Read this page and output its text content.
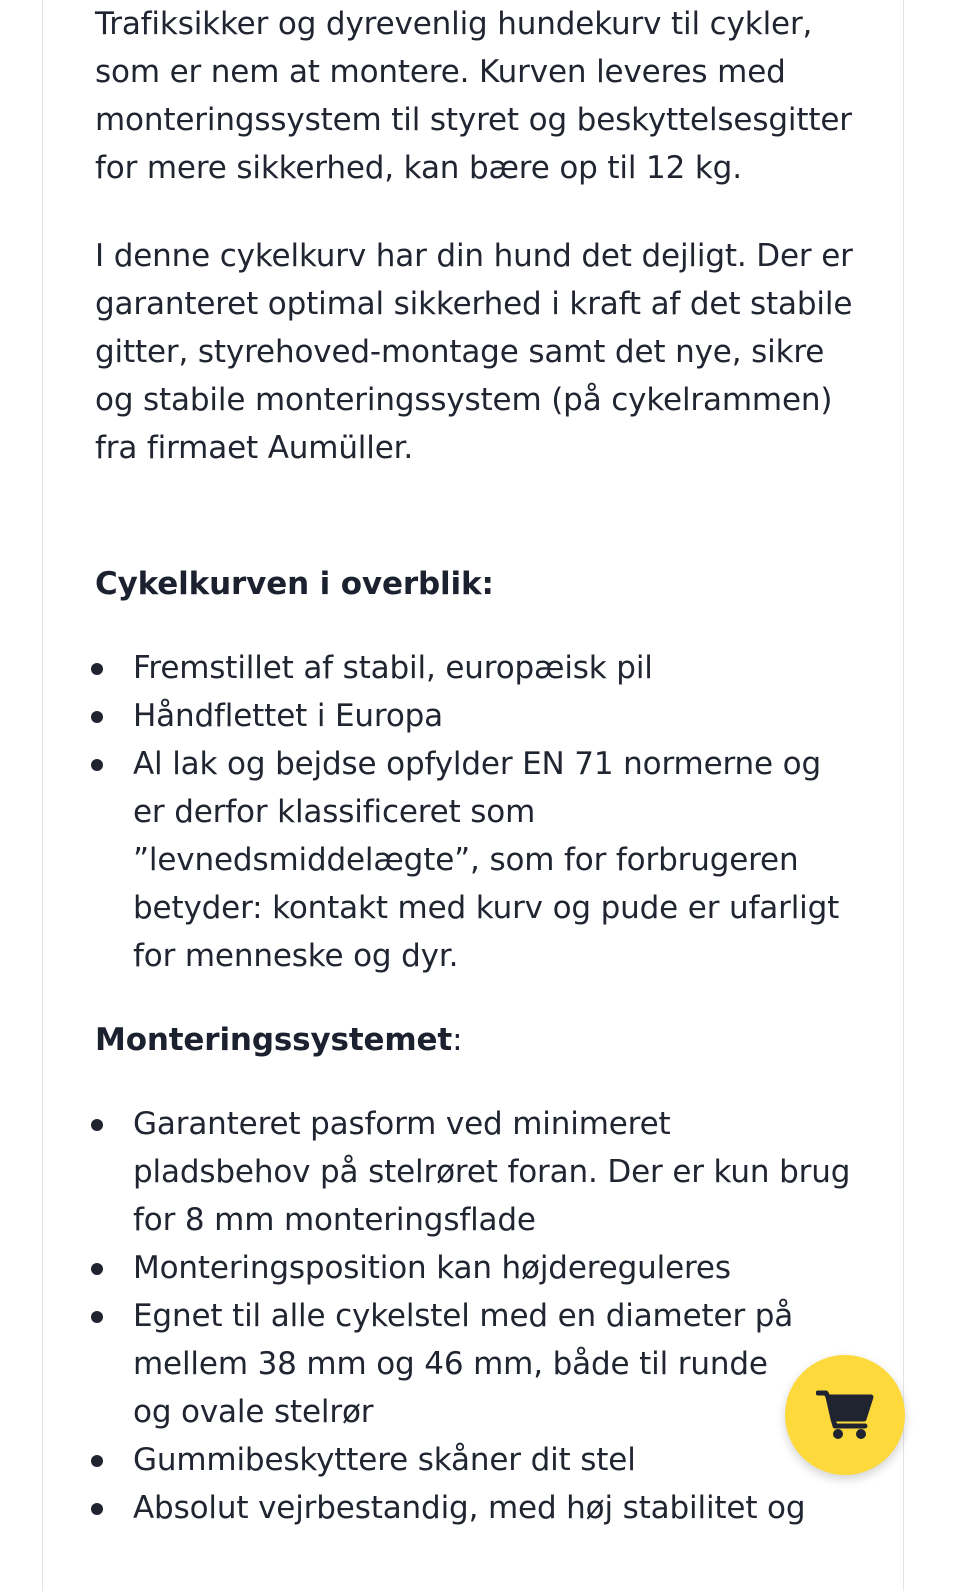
Trafiksikker og dyrevenlig hundekurv til cykler, som er nem at montere. Kurven leveres med monteringssystem til styret og beskyttelsesgitter for mere sikkerhed, kan bære op til 12 kg.

I denne cykelkurv har din hund det dejligt. Der er garanteret optimal sikkerhed i kraft af det stabile gitter, styrehoved-montage samt det nye, sikre og stabile monteringssystem (på cykelrammen) fra firmaet Aumüller.

Cykelkurven i overblik:
Fremstillet af stabil, europæisk pil
Håndflettet i Europa
Al lak og bejdse opfylder EN 71 normerne og er derfor klassificeret som ”levnedsmiddelægte”, som for forbrugeren betyder: kontakt med kurv og pude er ufarligt for menneske og dyr.
Monteringssystemet:
Garanteret pasform ved minimeret pladsbehov på stelrøret foran. Der er kun brug for 8 mm monteringsflade
Monteringsposition kan højdereguleres
Egnet til alle cykelstel med en diameter på mellem 38 mm og 46 mm, både til runde og ovale stelrør
Gummibeskyttere skåner dit stel
Absolut vejrbestandig, med høj stabilitet og
